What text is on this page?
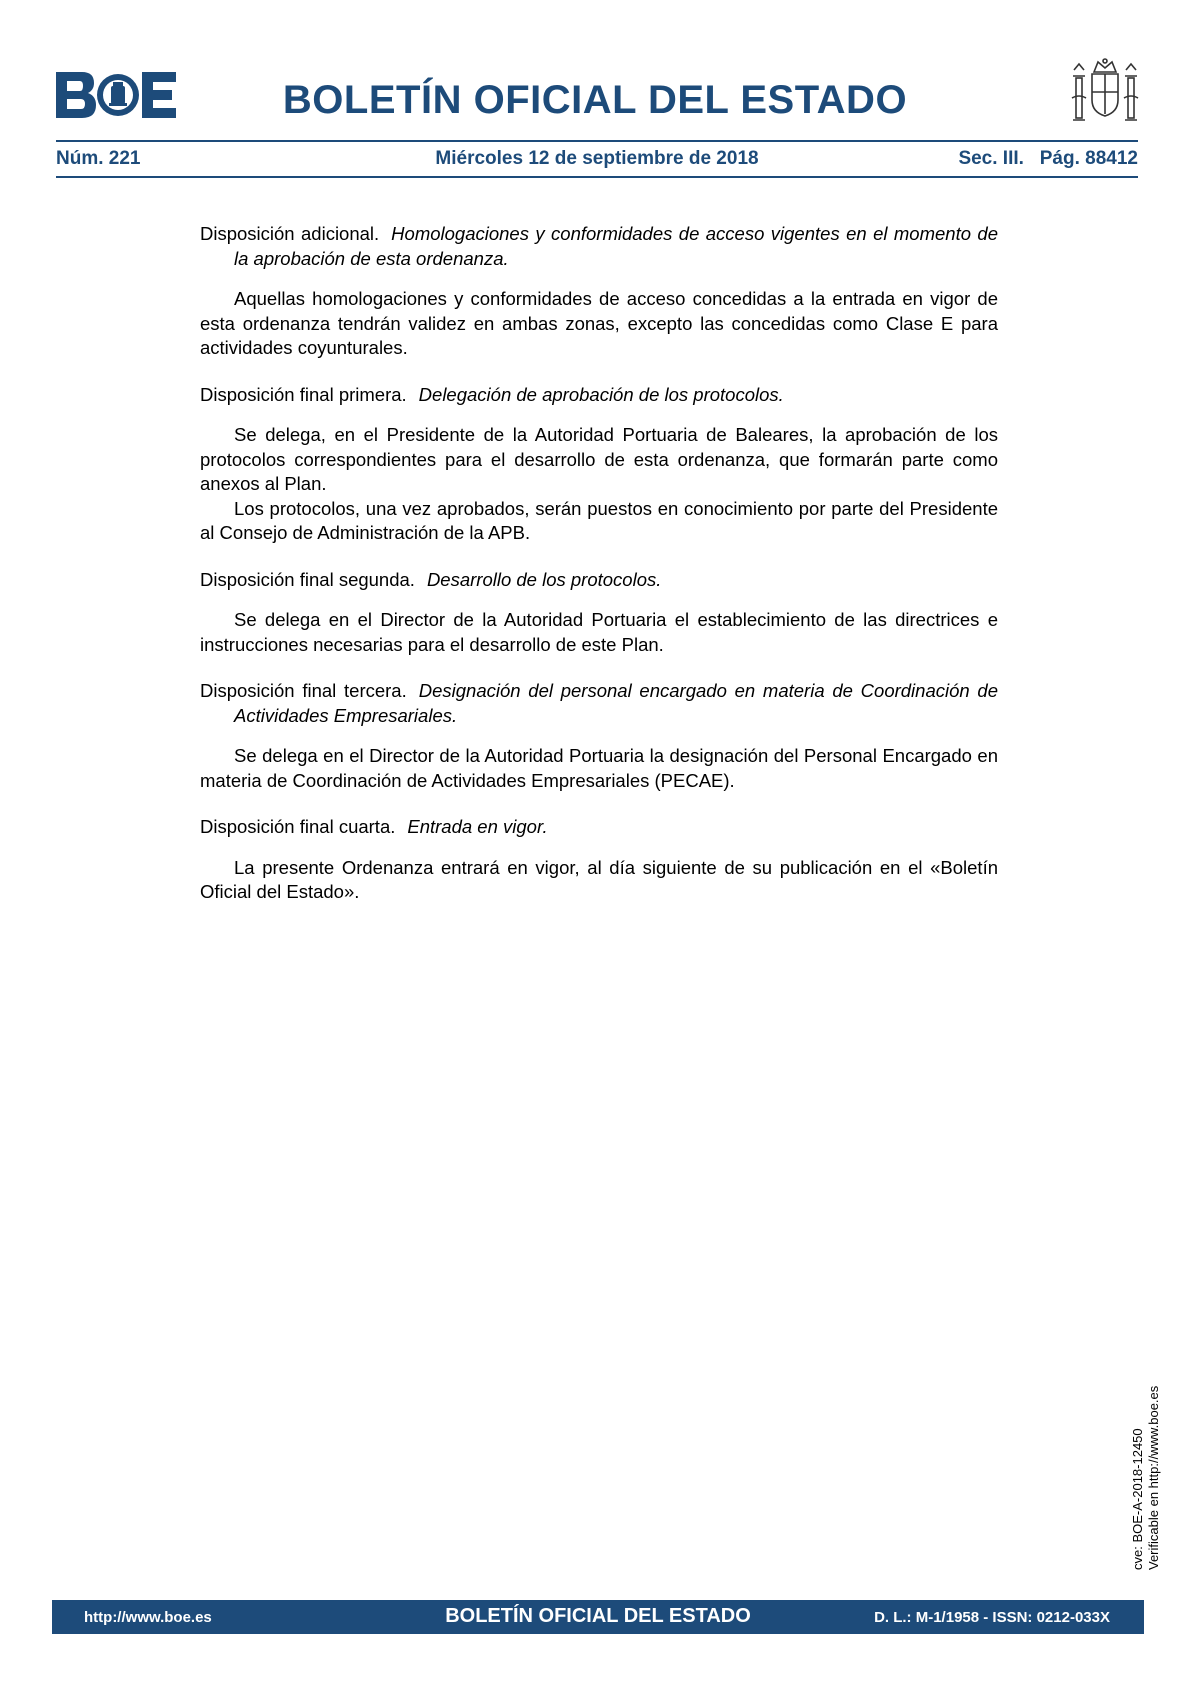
BOLETÍN OFICIAL DEL ESTADO
Núm. 221	Miércoles 12 de septiembre de 2018	Sec. III.   Pág. 88412
Disposición adicional. Homologaciones y conformidades de acceso vigentes en el momento de la aprobación de esta ordenanza.

Aquellas homologaciones y conformidades de acceso concedidas a la entrada en vigor de esta ordenanza tendrán validez en ambas zonas, excepto las concedidas como Clase E para actividades coyunturales.

Disposición final primera. Delegación de aprobación de los protocolos.

Se delega, en el Presidente de la Autoridad Portuaria de Baleares, la aprobación de los protocolos correspondientes para el desarrollo de esta ordenanza, que formarán parte como anexos al Plan.

Los protocolos, una vez aprobados, serán puestos en conocimiento por parte del Presidente al Consejo de Administración de la APB.

Disposición final segunda. Desarrollo de los protocolos.

Se delega en el Director de la Autoridad Portuaria el establecimiento de las directrices e instrucciones necesarias para el desarrollo de este Plan.

Disposición final tercera. Designación del personal encargado en materia de Coordinación de Actividades Empresariales.

Se delega en el Director de la Autoridad Portuaria la designación del Personal Encargado en materia de Coordinación de Actividades Empresariales (PECAE).

Disposición final cuarta. Entrada en vigor.

La presente Ordenanza entrará en vigor, al día siguiente de su publicación en el «Boletín Oficial del Estado».

cve: BOE-A-2018-12450 Verificable en http://www.boe.es
http://www.boe.es	BOLETÍN OFICIAL DEL ESTADO	D. L.: M-1/1958 - ISSN: 0212-033X
